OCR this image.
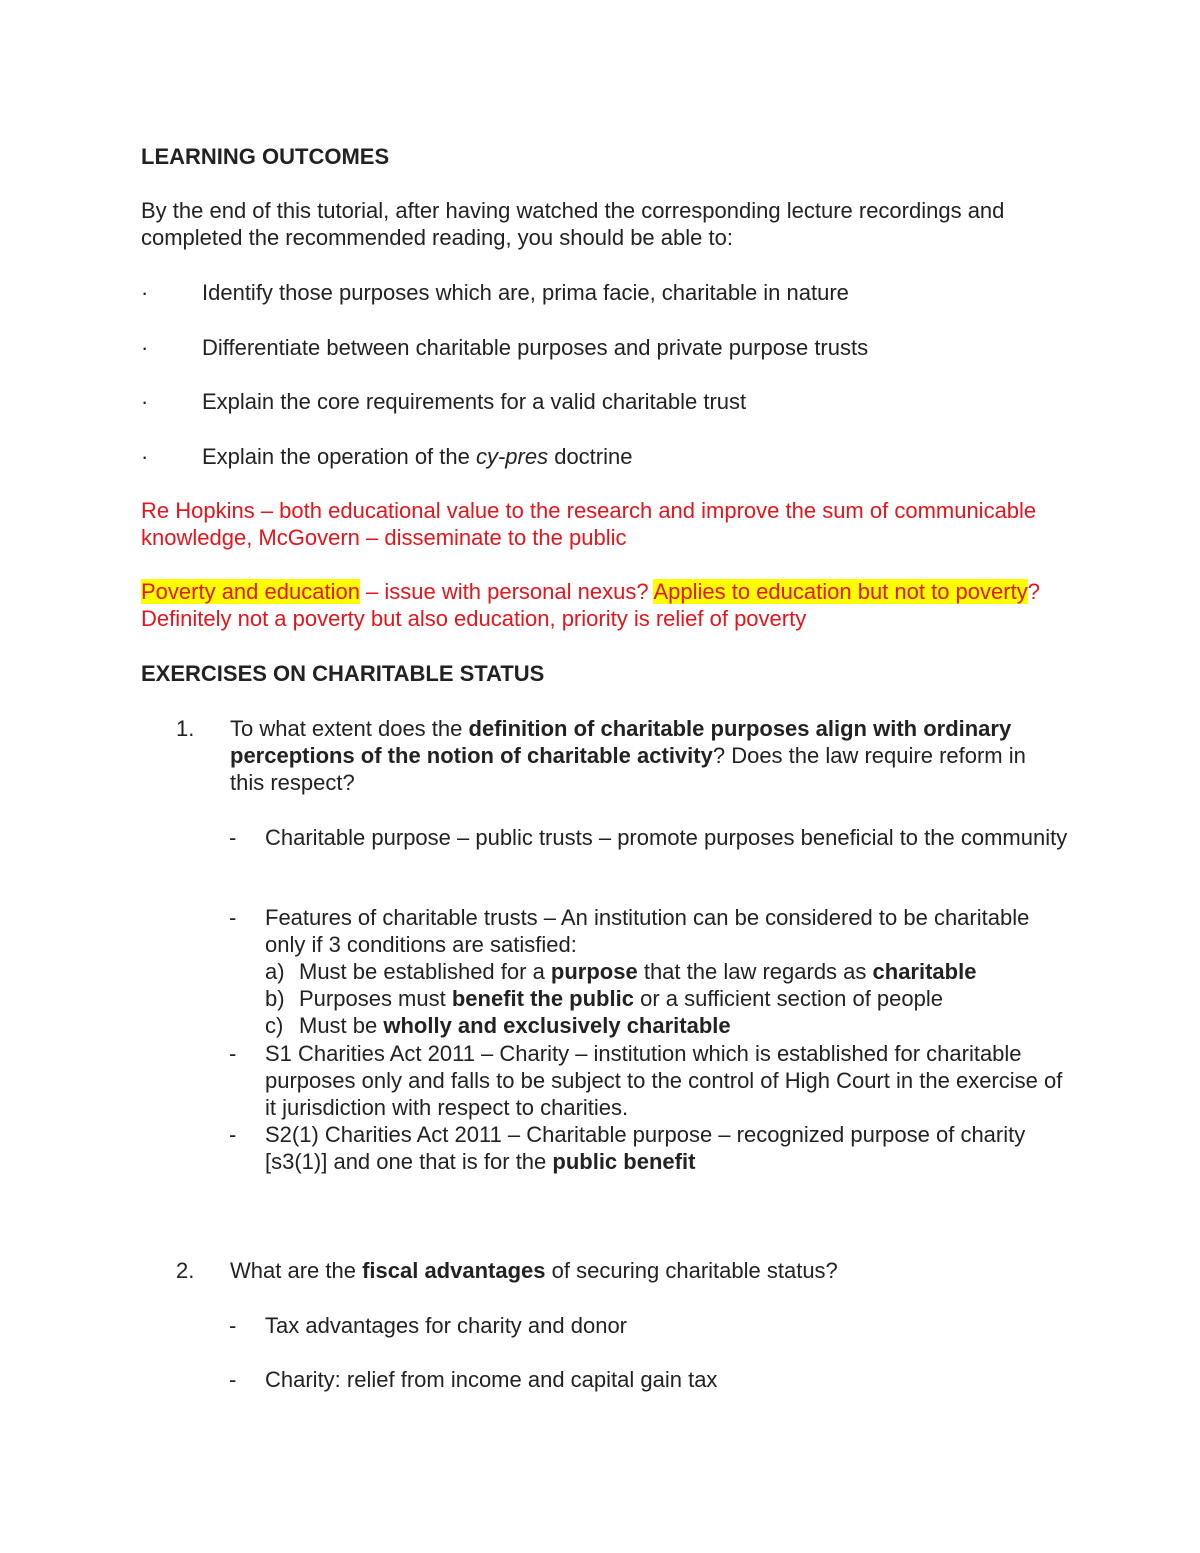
LEARNING OUTCOMES

By the end of this tutorial, after having watched the corresponding lecture recordings and completed the recommended reading, you should be able to:

· Identify those purposes which are, prima facie, charitable in nature
· Differentiate between charitable purposes and private purpose trusts
· Explain the core requirements for a valid charitable trust
· Explain the operation of the cy-pres doctrine

Re Hopkins – both educational value to the research and improve the sum of communicable knowledge, McGovern – disseminate to the public

Poverty and education – issue with personal nexus? Applies to education but not to poverty? Definitely not a poverty but also education, priority is relief of poverty

EXERCISES ON CHARITABLE STATUS

1. To what extent does the definition of charitable purposes align with ordinary perceptions of the notion of charitable activity? Does the law require reform in this respect?
- Charitable purpose – public trusts – promote purposes beneficial to the community
- Features of charitable trusts – An institution can be considered to be charitable only if 3 conditions are satisfied:
a) Must be established for a purpose that the law regards as charitable
b) Purposes must benefit the public or a sufficient section of people
c) Must be wholly and exclusively charitable
- S1 Charities Act 2011 – Charity – institution which is established for charitable purposes only and falls to be subject to the control of High Court in the exercise of it jurisdiction with respect to charities.
- S2(1) Charities Act 2011 – Charitable purpose – recognized purpose of charity [s3(1)] and one that is for the public benefit
2. What are the fiscal advantages of securing charitable status?
- Tax advantages for charity and donor
- Charity: relief from income and capital gain tax
